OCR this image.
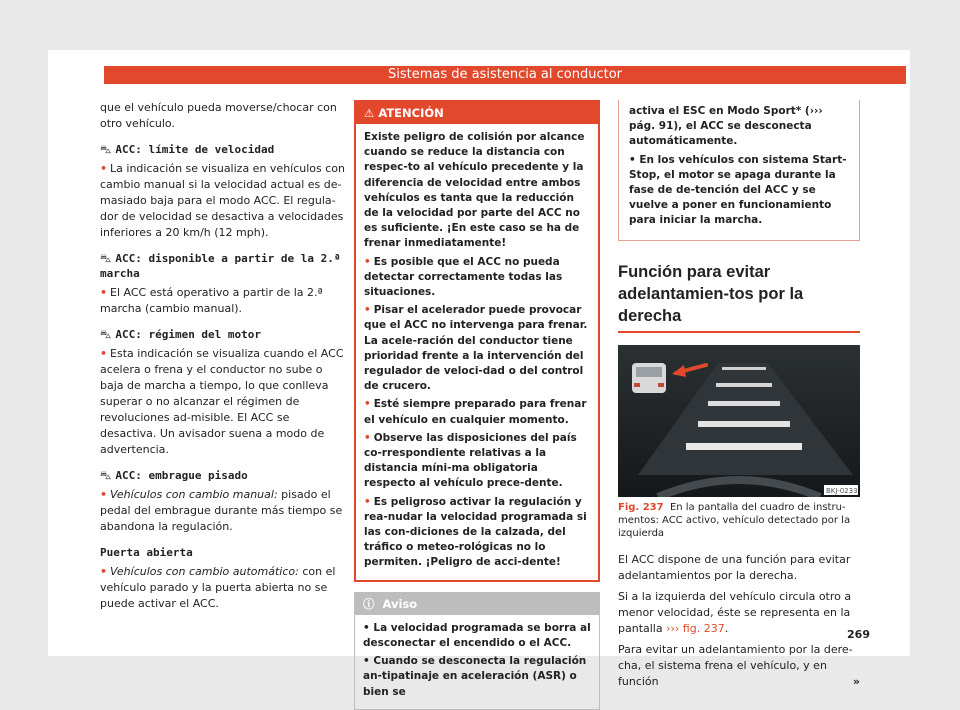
Sistemas de asistencia al conductor

que el vehículo pueda moverse/chocar con otro vehículo.

⛍ ACC: límite de velocidad

• La indicación se visualiza en vehículos con cambio manual si la velocidad actual es de-masiado baja para el modo ACC. El regula-dor de velocidad se desactiva a velocidades inferiores a 20 km/h (12 mph).

⛍ ACC: disponible a partir de la 2.ª marcha

• El ACC está operativo a partir de la 2.ª marcha (cambio manual).

⛍ ACC: régimen del motor

• Esta indicación se visualiza cuando el ACC acelera o frena y el conductor no sube o baja de marcha a tiempo, lo que conlleva superar o no alcanzar el régimen de revoluciones ad-misible. El ACC se desactiva. Un avisador suena a modo de advertencia.

⛍ ACC: embrague pisado

• Vehículos con cambio manual: pisado el pedal del embrague durante más tiempo se abandona la regulación.

Puerta abierta

• Vehículos con cambio automático: con el vehículo parado y la puerta abierta no se puede activar el ACC.

⚠ ATENCIÓN

Existe peligro de colisión por alcance cuando se reduce la distancia con respec-to al vehículo precedente y la diferencia de velocidad entre ambos vehículos es tanta que la reducción de la velocidad por parte del ACC no es suficiente. ¡En este caso se ha de frenar inmediatamente!

• Es posible que el ACC no pueda detectar correctamente todas las situaciones.

• Pisar el acelerador puede provocar que el ACC no intervenga para frenar. La acele-ración del conductor tiene prioridad frente a la intervención del regulador de veloci-dad o del control de crucero.

• Esté siempre preparado para frenar el vehículo en cualquier momento.

• Observe las disposiciones del país co-rrespondiente relativas a la distancia míni-ma obligatoria respecto al vehículo prece-dente.

• Es peligroso activar la regulación y rea-nudar la velocidad programada si las con-diciones de la calzada, del tráfico o meteo-rológicas no lo permiten. ¡Peligro de acci-dente!

ⓘ Aviso

• La velocidad programada se borra al desconectar el encendido o el ACC.

• Cuando se desconecta la regulación an-tipatinaje en aceleración (ASR) o bien se

activa el ESC en Modo Sport* (››› pág. 91), el ACC se desconecta automáticamente.

• En los vehículos con sistema Start-Stop, el motor se apaga durante la fase de de-tención del ACC y se vuelve a poner en funcionamiento para iniciar la marcha.

Función para evitar adelantamien-tos por la derecha
BKJ-0233
Fig. 237 En la pantalla del cuadro de instru-mentos: ACC activo, vehículo detectado por la izquierda

El ACC dispone de una función para evitar adelantamientos por la derecha.

Si a la izquierda del vehículo circula otro a menor velocidad, éste se representa en la pantalla ››› fig. 237.

Para evitar un adelantamiento por la dere-cha, el sistema frena el vehículo, y en función	»

269
